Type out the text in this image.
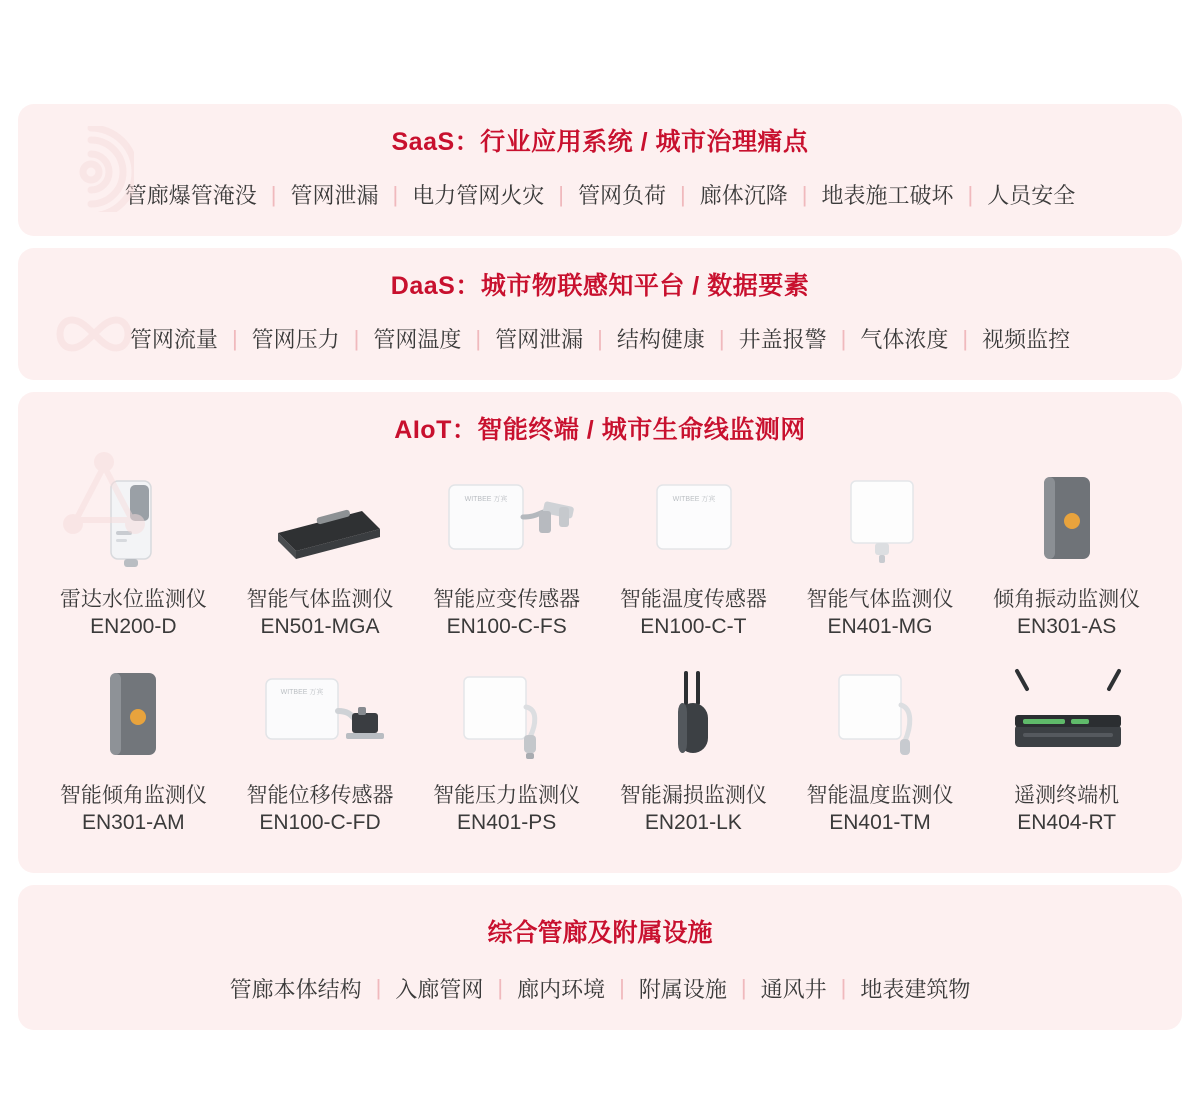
SaaS：行业应用系统 / 城市治理痛点
管廊爆管淹没 | 管网泄漏 | 电力管网火灾 | 管网负荷 | 廊体沉降 | 地表施工破坏 | 人员安全
DaaS：城市物联感知平台 / 数据要素
管网流量 | 管网压力 | 管网温度 | 管网泄漏 | 结构健康 | 井盖报警 | 气体浓度 | 视频监控
AIoT：智能终端 / 城市生命线监测网
雷达水位监测仪
EN200-D
智能气体监测仪
EN501-MGA
WITBEE 万宾
智能应变传感器
EN100-C-FS
WITBEE 万宾
智能温度传感器
EN100-C-T
智能气体监测仪
EN401-MG
倾角振动监测仪
EN301-AS
智能倾角监测仪
EN301-AM
WITBEE 万宾
智能位移传感器
EN100-C-FD
智能压力监测仪
EN401-PS
智能漏损监测仪
EN201-LK
智能温度监测仪
EN401-TM
遥测终端机
EN404-RT
综合管廊及附属设施
管廊本体结构 | 入廊管网 | 廊内环境 | 附属设施 | 通风井 | 地表建筑物
